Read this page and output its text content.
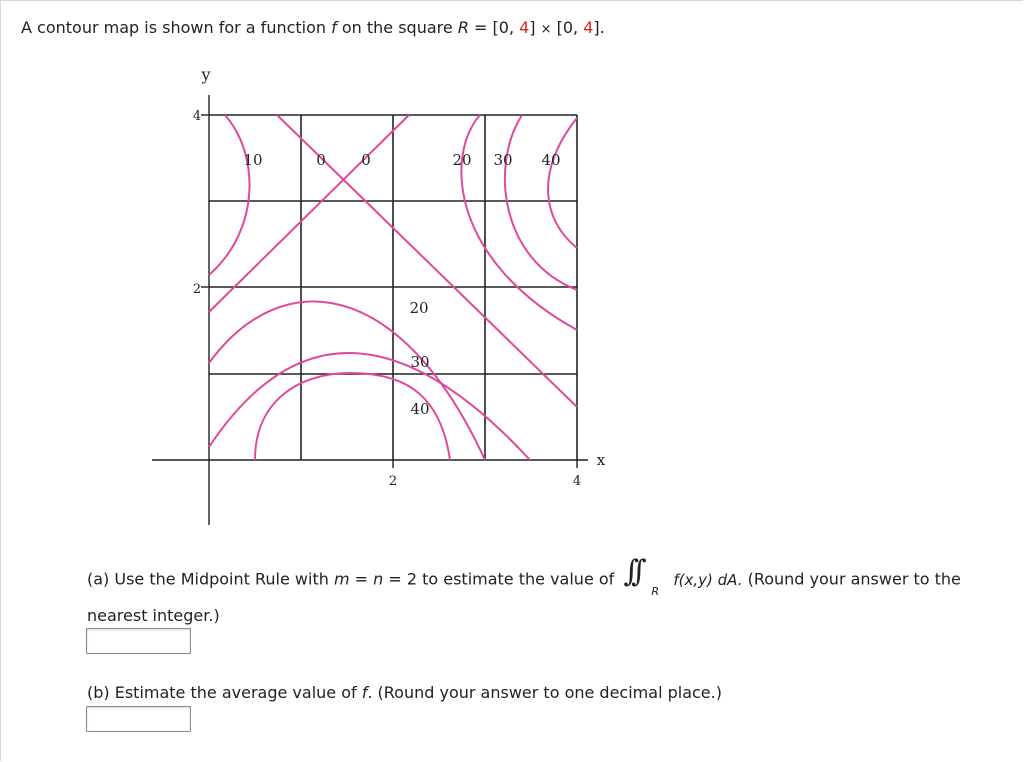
A contour map is shown for a function f on the square R = [0, 4] × [0, 4].
10	0 0	20 30 40
20
30
40
y
x
4
2
2	4
(a) Use the Midpoint Rule with m = n = 2 to estimate the value of ∫∫
R
f(x,y) dA. (Round your answer to the
nearest integer.)
(b) Estimate the average value of f. (Round your answer to one decimal place.)
